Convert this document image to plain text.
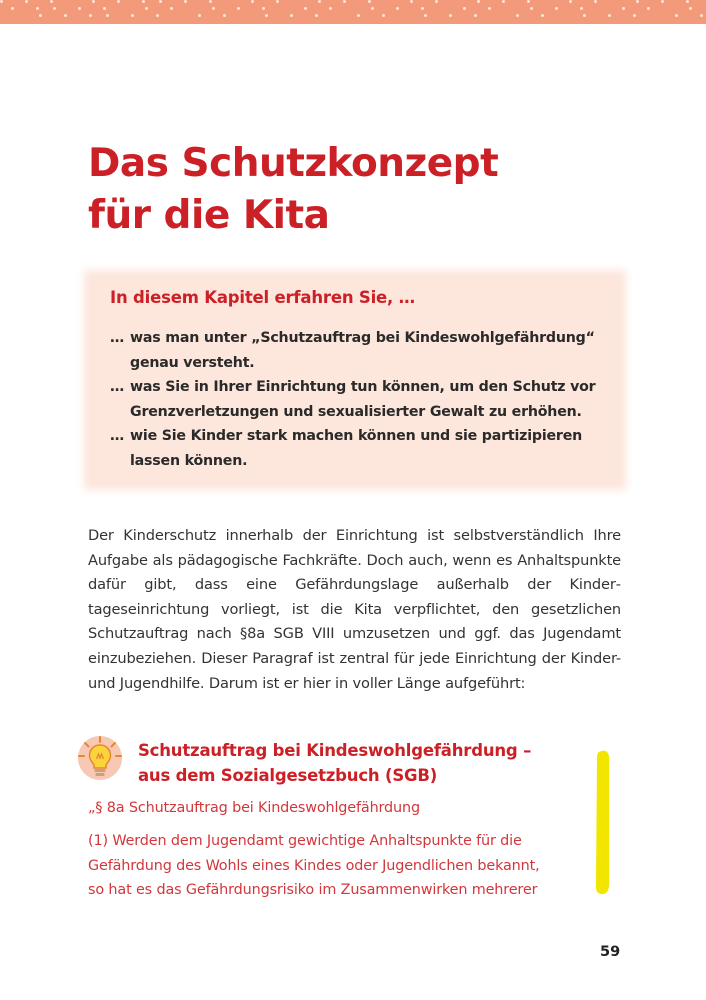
Das Schutzkonzept
für die Kita
In diesem Kapitel erfahren Sie, …
… was man unter „Schutzauftrag bei Kindeswohlgefährdung“
genau versteht.
… was Sie in Ihrer Einrichtung tun können, um den Schutz vor
Grenzverletzungen und sexualisierter Gewalt zu erhöhen.
… wie Sie Kinder stark machen können und sie partizipieren
lassen können.

Der Kinderschutz innerhalb der Einrichtung ist selbstverständlich Ihre Aufgabe als pädagogische Fachkräfte. Doch auch, wenn es Anhaltspunkte dafür gibt, dass eine Gefährdungslage außerhalb der Kindertageseinrichtung vorliegt, ist die Kita verpflichtet, den gesetzlichen Schutzauftrag nach §8a SGB VIII umzusetzen und ggf. das Jugendamt einzubeziehen. Dieser Paragraf ist zentral für jede Einrichtung der Kinder- und Jugendhilfe. Darum ist er hier in voller Länge aufgeführt:

Schutzauftrag bei Kindeswohlgefährdung –
aus dem Sozialgesetzbuch (SGB)

„§ 8a Schutzauftrag bei Kindeswohlgefährdung

(1) Werden dem Jugendamt gewichtige Anhaltspunkte für die
Gefährdung des Wohls eines Kindes oder Jugendlichen bekannt,
so hat es das Gefährdungsrisiko im Zusammenwirken mehrerer

59
